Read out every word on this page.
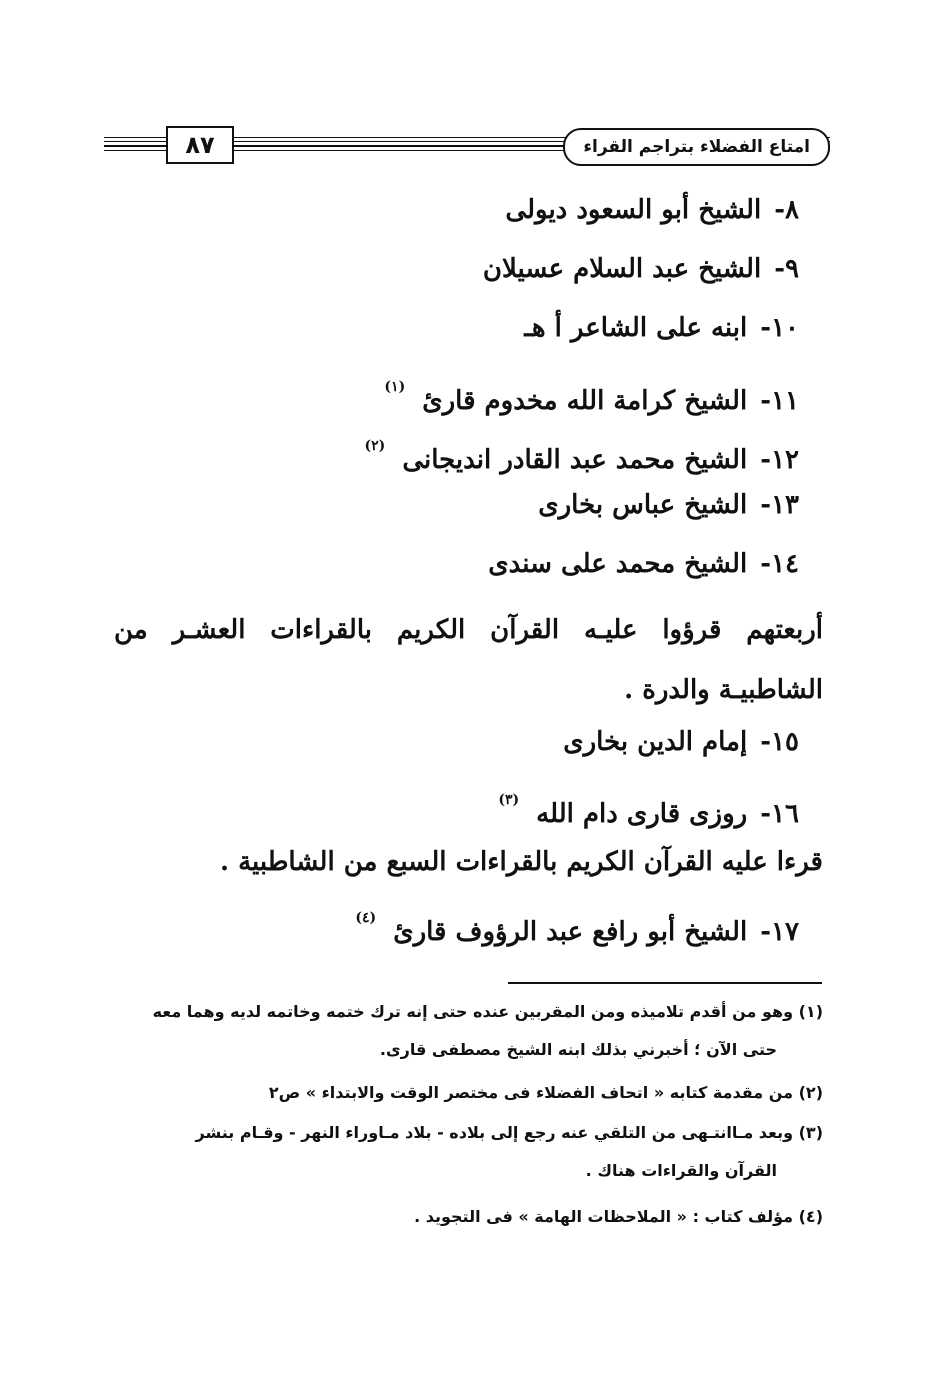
٨٧	امتاع الفضلاء بتراجم القراء
٨- الشيخ أبو السعود ديولى
٩- الشيخ عبد السلام عسيلان
١٠- ابنه على الشاعر أ هـ
١١- الشيخ كرامة الله مخدوم قارئ $^{(١)}$
١٢- الشيخ محمد عبد القادر انديجانى $^{(٢)}$
١٣- الشيخ عباس بخارى
١٤- الشيخ محمد على سندى
أربعتهم قرؤوا عليـه القرآن الكريم بالقراءات العشـر من الشاطبيـة والدرة .
١٥- إمام الدين بخارى
١٦- روزى قارى دام الله $^{(٣)}$
قرءا عليه القرآن الكريم بالقراءات السبع من الشاطبية .
١٧- الشيخ أبو رافع عبد الرؤوف قارئ $^{(٤)}$
(١) وهو من أقدم تلاميذه ومن المقربين عنده حتى إنه ترك ختمه وخاتمه لديه وهما معه
حتى الآن ؛ أخبرني بذلك ابنه الشيخ مصطفى قارى.
(٢) من مقدمة كتابه « اتحاف الفضلاء فى مختصر الوقت والابتداء » ص٢
(٣) وبعد مـاانتـهى من التلقي عنه رجع إلى بلاده - بلاد مـاوراء النهر - وقـام بنشر
القرآن والقراءات هناك .
(٤) مؤلف كتاب : « الملاحظات الهامة » فى التجويد .
